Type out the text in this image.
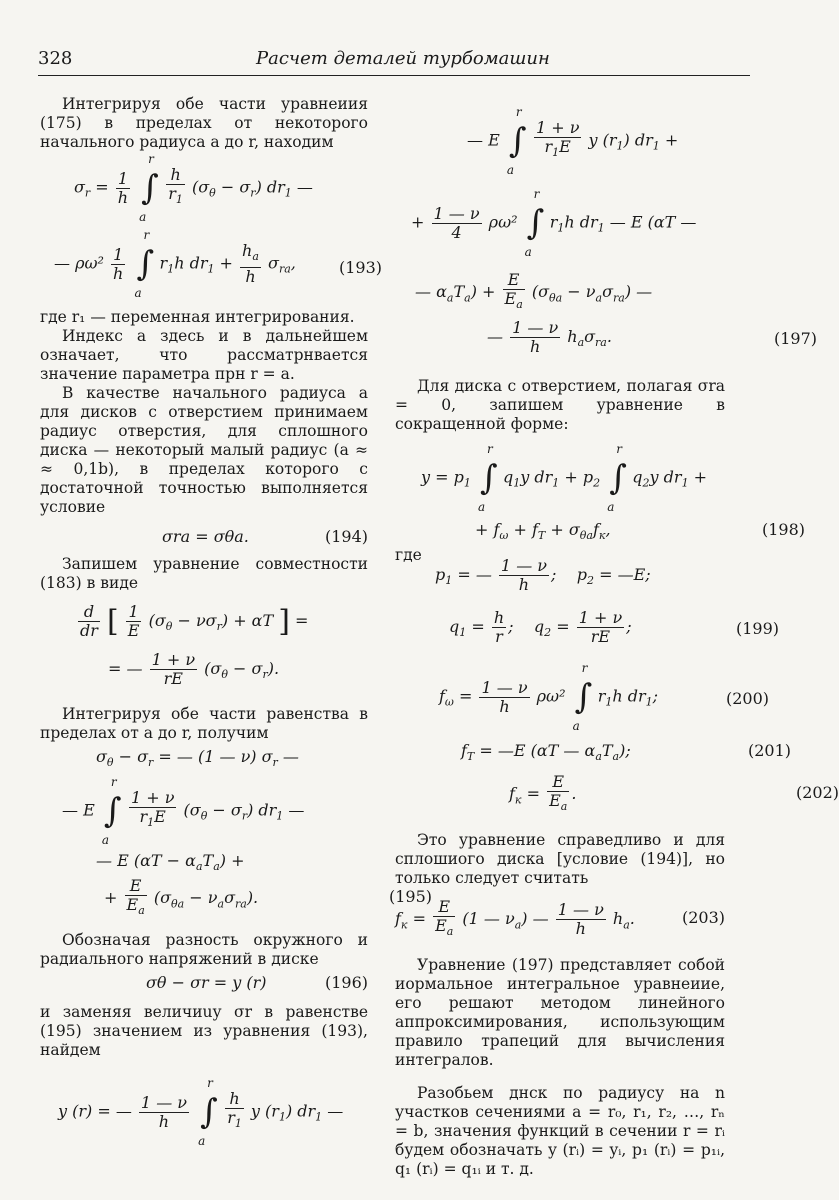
328	Расчет деталей турбомашин

Интегрируя обе части уравнеиия (175) в пределах от некоторого начального радиуса a до r, находим

$\sigma_r = \frac{1}{h}$
∫
r
a

$\frac{h}{r_1} (\sigma_\theta - \sigma_r)$ $dr_1$ —
— $\rho\omega^2 \frac{1}{h}$
∫
r
a
$r_1h$ $dr_1 + \frac{h_a}{h} \sigma_{ra}$,	(193)

где r₁ — переменная интегрирования.

Индекс a здесь и в дальнейшем означает, что рассматрнвается значение параметра прн r = a.

В качестве начального радиуса a для дисков с отверстием принимаем радиус отверстия, для сплошного диска — некоторый малый радиус (a ≈ ≈ 0,1b), в пределах которого с достаточной точностью выполняется условие

σra = σθa.	(194)

Запишем уравнение совместности (183) в виде

$\frac{d}{dr}$ [ $\frac{1}{E} (\sigma_\theta - \nu\sigma_r) + \alpha T$ ] =
= — $\frac{1 + \nu}{rE} (\sigma_\theta - \sigma_r)$.

Интегрируя обе части равенства в пределах от a до r, получим

$\sigma_\theta - \sigma_r$ = — (1 — ν) $\sigma_r$ —
— E ∫
r
a

$\frac{1 + \nu}{r_1E} (\sigma_\theta - \sigma_r)$ $dr_1$ —
— E $(\alpha T - \alpha_aT_a)$ +
+ $\frac{E}{E_a} (\sigma_{\theta a} - \nu_a\sigma_{ra})$.	(195)

Обозначая разность окружного и радиального напряжений в диске

σθ − σr = y (r)	(196)

и заменяя величиuу σr в равенстве (195) значением из уравнения (193), найдем

y (r) = — $\frac{1 — \nu}{h}$
∫
r
a

$\frac{h}{r_1}$ y $(r_1)$ $dr_1$ —
— E ∫
r
a

$\frac{1 + \nu}{r_1E}$ y $(r_1) dr_1$ +
+ $\frac{1 — \nu}{4} \rho\omega^2$ ∫
r
a
$r_1h$ $dr_1$ — E (αT —
— $\alpha_aT_a) + \frac{E}{E_a} (\sigma_{\theta a} - \nu_a\sigma_{ra})$ —
— $\frac{1 — \nu}{h} h_a\sigma_{ra}$.	(197)

Для диска с отверстием, полагая σra = 0, запишем уравнение в сокращенной форме:

$y = p_1$ ∫
r
a
$q_1y$ $dr_1 + p_2$ ∫
r
a
$q_2y$ $dr_1$ +
+ $f_\omega + f_T + \sigma_{\theta a}f_к$,	(198)

где

$p_1$ = — $\frac{1 — \nu}{h}$ ;    $p_2$ = —E;
$q_1 = \frac{h}{r}$ ;    $q_2 = \frac{1 + \nu}{rE}$ ;	(199)
$f_\omega = \frac{1 — \nu}{h} \rho\omega^2$ ∫
r
a
$r_1h$ $dr_1$;	(200)
$f_T$ = —E (αT — $\alpha_aT_a$);	(201)
$f_к = \frac{E}{E_a}$ .	(202)

Это уравнение справедливо и для сплошиого диска [условие (194)], но только следует считать

$f_к = \frac{E}{E_a} (1$ — $\nu_a$) — $\frac{1 — \nu}{h} h_a$.	(203)

Уравнение (197) представляет собой иормальное интегральное уравнеиие, его решают методом линейного аппроксимирования, использующим правило трапеций для вычисления интегралов.

Разобьем днск по радиусу на n участков сечениями a = r₀, r₁, r₂, …, rₙ = b, значения функций в сечении r = rᵢ будем обозначать y (rᵢ) = yᵢ, p₁ (rᵢ) = p₁ᵢ, q₁ (rᵢ) = q₁ᵢ и т. д.
